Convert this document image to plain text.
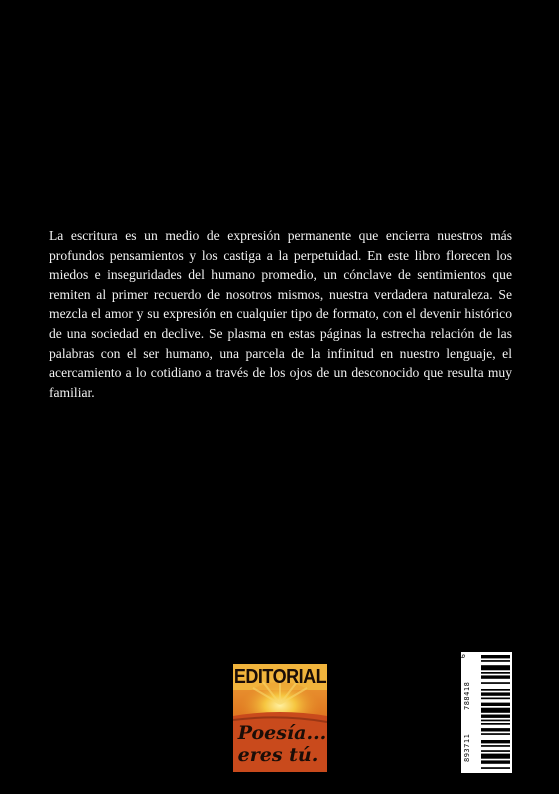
La escritura es un medio de expresión permanente que encierra nuestros más profundos pensamientos y los castiga a la perpetuidad. En este libro florecen los miedos e inseguridades del humano promedio, un cónclave de sentimientos que remiten al primer recuerdo de nosotros mismos, nuestra verdadera naturaleza. Se mezcla el amor y su expresión en cualquier tipo de formato, con el devenir histórico de una sociedad en declive. Se plasma en estas páginas la estrecha relación de las palabras con el ser humano, una parcela de la infinitud en nuestro lenguaje, el acercamiento a lo cotidiano a través de los ojos de un desconocido que resulta muy familiar.

EDITORIAL
Poesía...
eres tú.
9
788418
893711
